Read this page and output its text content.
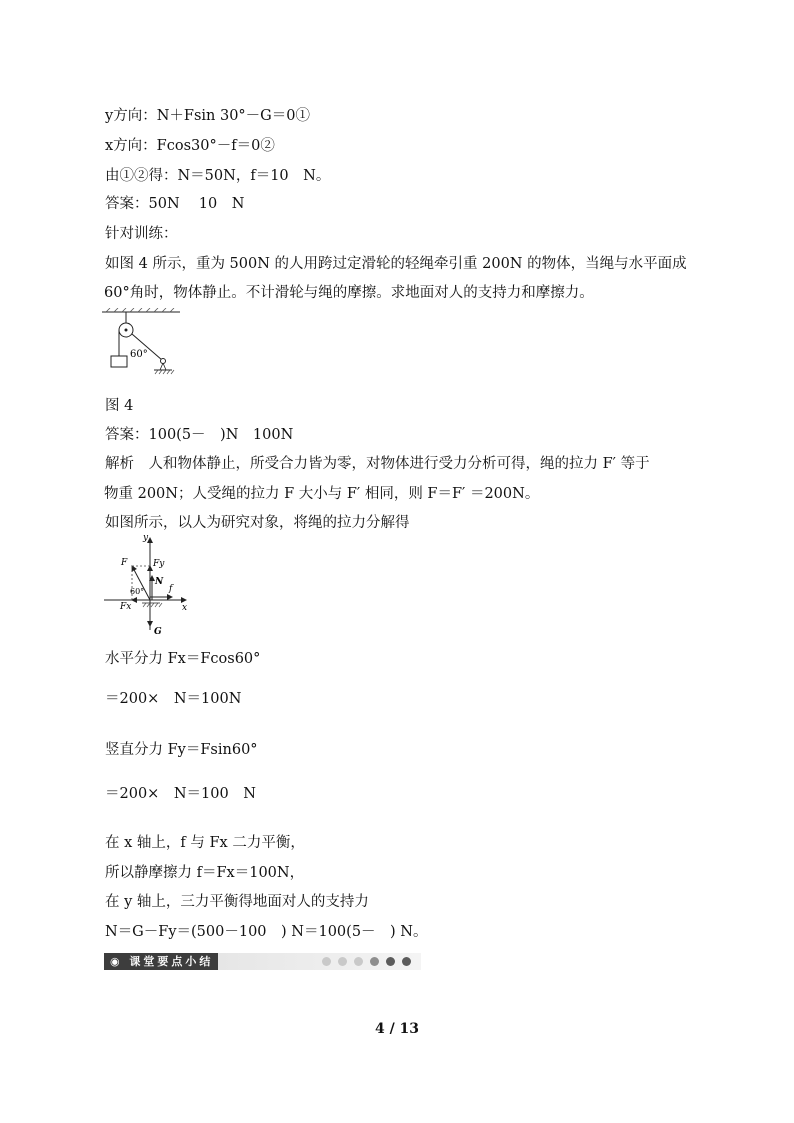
y方向：N＋Fsin 30°－G＝0①
x方向：Fcos30°－f＝0②
由①②得：N＝50N，f＝10　N。
答案：50N　 10　N
针对训练：
如图 4 所示，重为 500N 的人用跨过定滑轮的轻绳牵引重 200N 的物体，当绳与水平面成
60°角时，物体静止。不计滑轮与绳的摩擦。求地面对人的支持力和摩擦力。
60°
图 4
答案：100(5－　)N　100N
解析　人和物体静止，所受合力皆为零，对物体进行受力分析可得，绳的拉力 F′ 等于
物重 200N；人受绳的拉力 F 大小与 F′ 相同，则 F＝F′ ＝200N。
如图所示，以人为研究对象，将绳的拉力分解得
y
x
F	Fy
Fx
N
f
G
60°
水平分力 Fx＝Fcos60°
＝200×　N＝100N
竖直分力 Fy＝Fsin60°
＝200×　N＝100　N
在 x 轴上，f 与 Fx 二力平衡，
所以静摩擦力 f＝Fx＝100N，
在 y 轴上，三力平衡得地面对人的支持力
N＝G－Fy＝(500－100　) N＝100(5－　) N。
◉ 课堂要点小结
4 / 13
